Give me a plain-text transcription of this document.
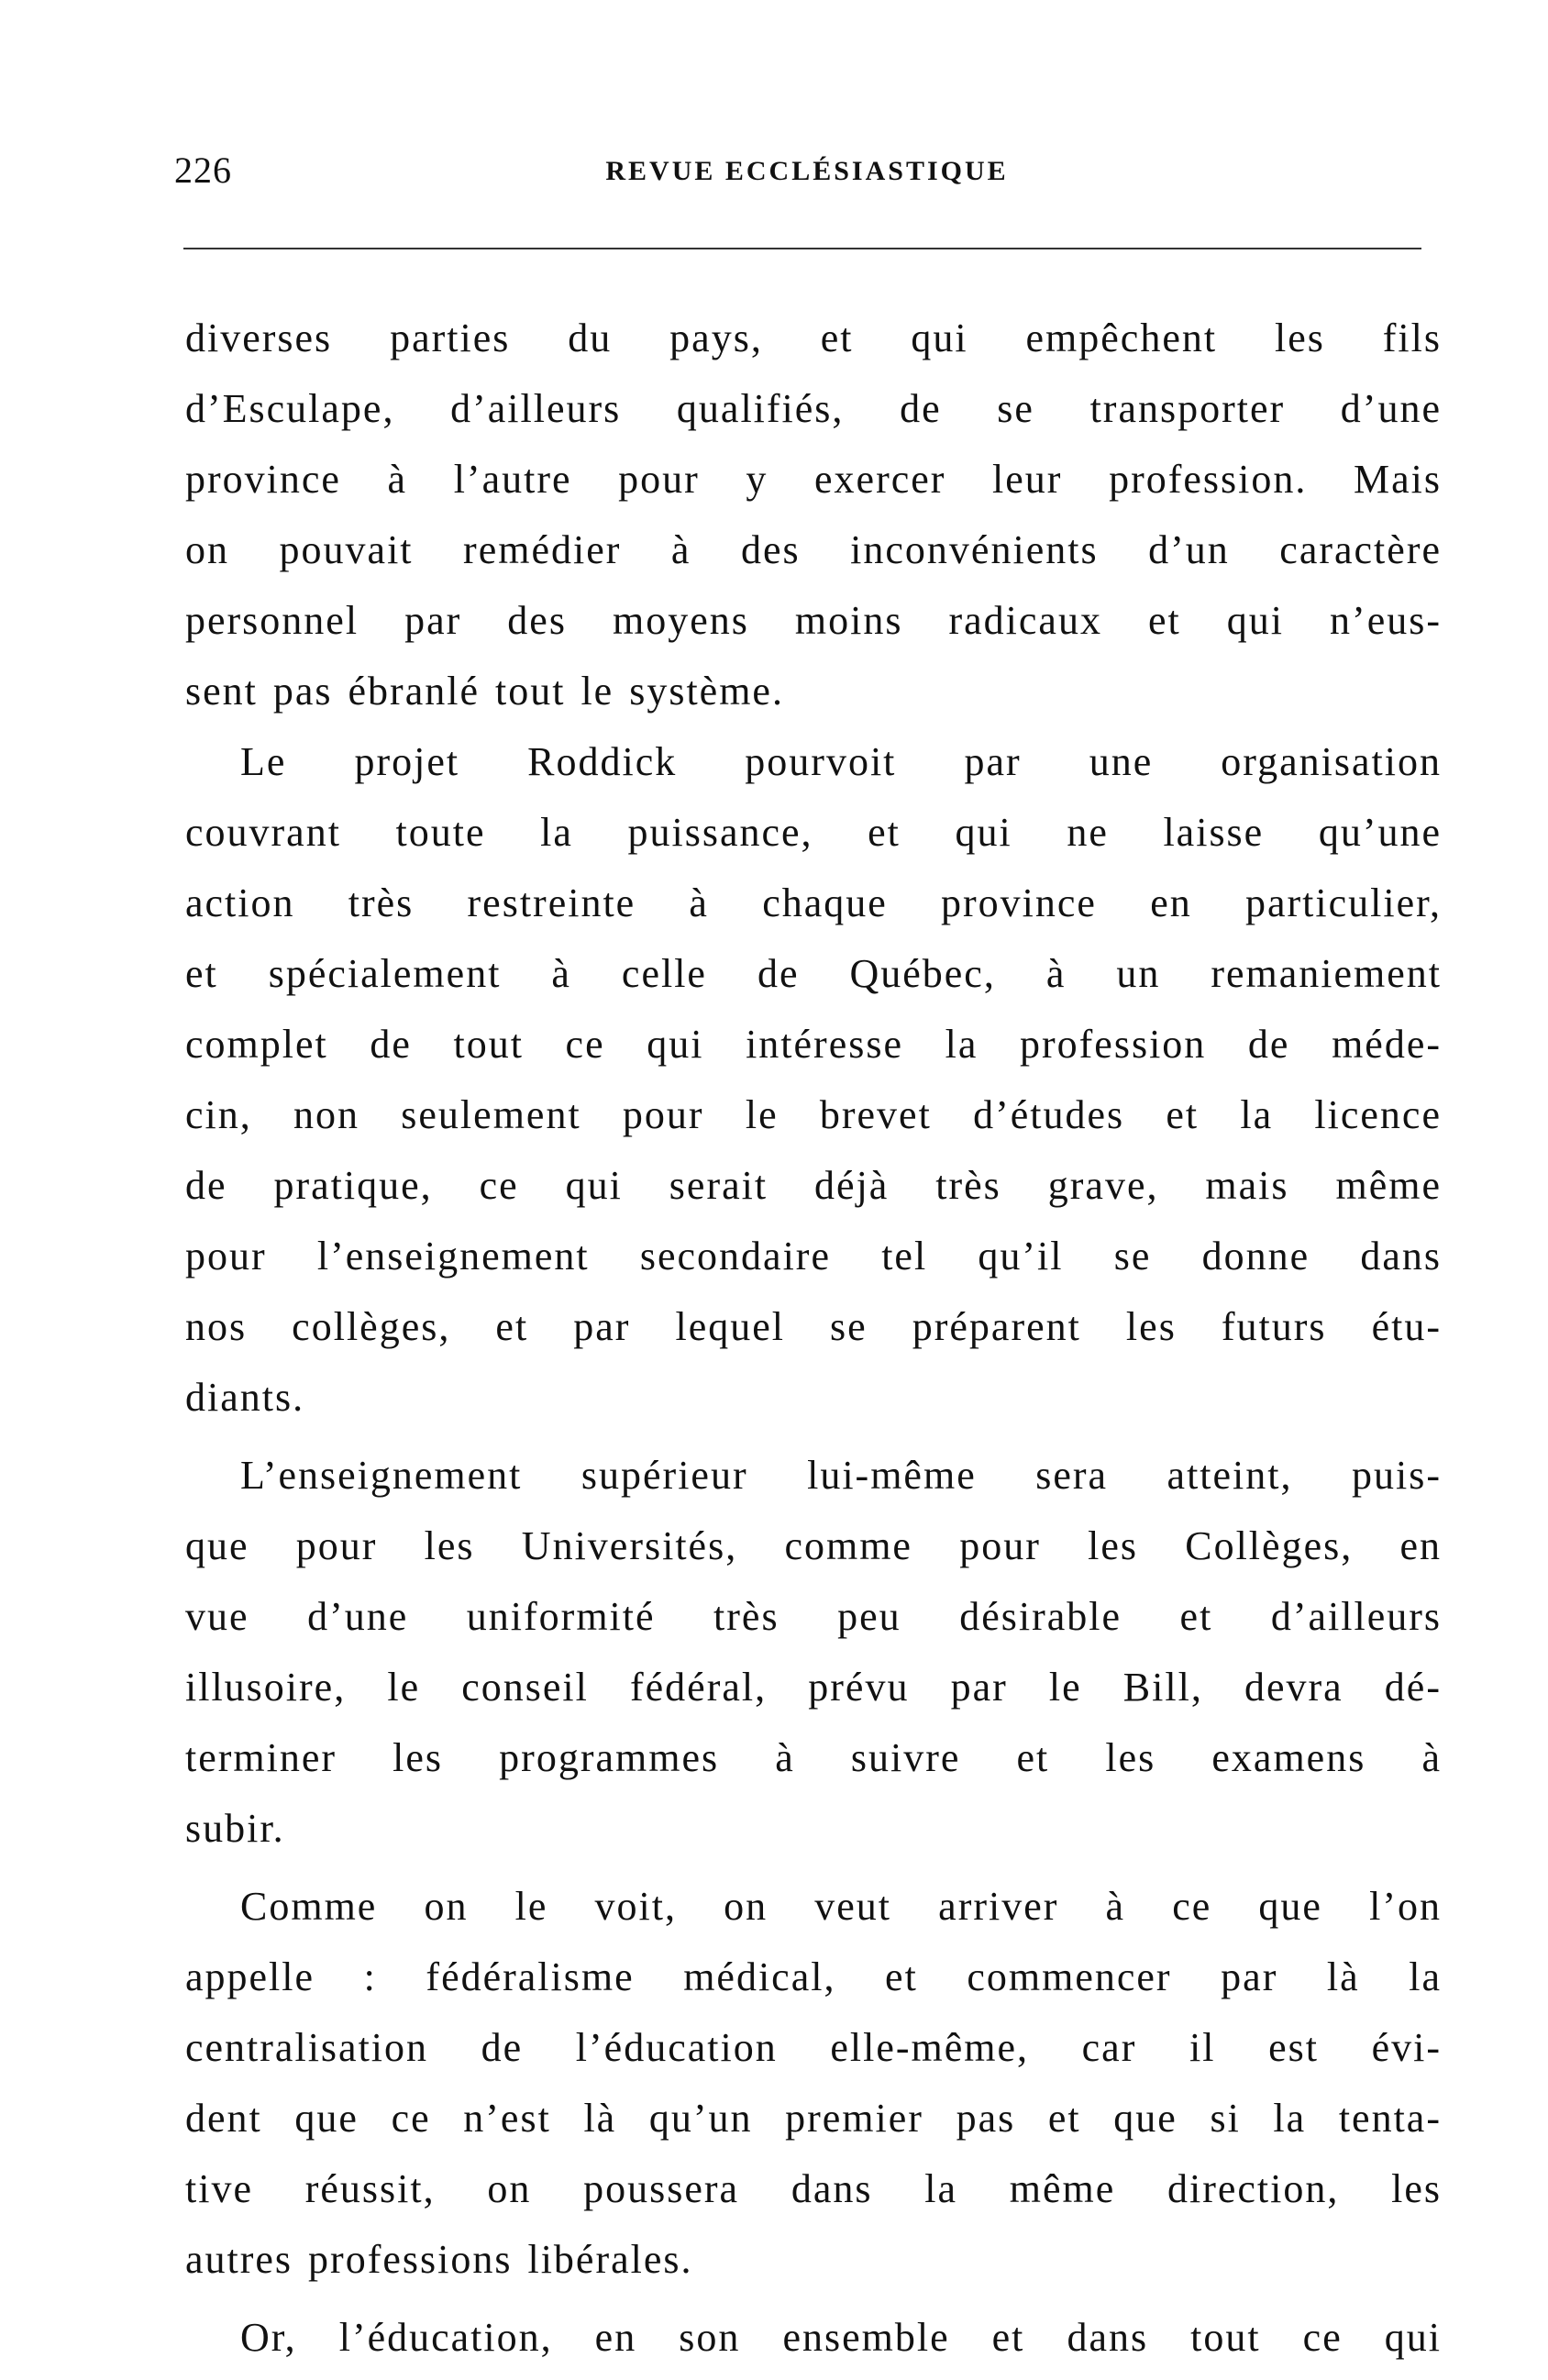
226	REVUE ECCLÉSIASTIQUE
diverses parties du pays, et qui empêchent les fils
d’Esculape, d’ailleurs qualifiés, de se transporter d’une
province à l’autre pour y exercer leur profession. Mais
on pouvait remédier à des inconvénients d’un caractère
personnel par des moyens moins radicaux et qui n’eus-
sent pas ébranlé tout le système.
Le projet Roddick pourvoit par une organisation
couvrant toute la puissance, et qui ne laisse qu’une
action très restreinte à chaque province en particulier,
et spécialement à celle de Québec, à un remaniement
complet de tout ce qui intéresse la profession de méde-
cin, non seulement pour le brevet d’études et la licence
de pratique, ce qui serait déjà très grave, mais même
pour l’enseignement secondaire tel qu’il se donne dans
nos collèges, et par lequel se préparent les futurs étu-
diants.
L’enseignement supérieur lui-même sera atteint, puis-
que pour les Universités, comme pour les Collèges, en
vue d’une uniformité très peu désirable et d’ailleurs
illusoire, le conseil fédéral, prévu par le Bill, devra dé-
terminer les programmes à suivre et les examens à
subir.
Comme on le voit, on veut arriver à ce que l’on
appelle : fédéralisme médical, et commencer par là la
centralisation de l’éducation elle-même, car il est évi-
dent que ce n’est là qu’un premier pas et que si la tenta-
tive réussit, on poussera dans la même direction, les
autres professions libérales.
Or, l’éducation, en son ensemble et dans tout ce qui
